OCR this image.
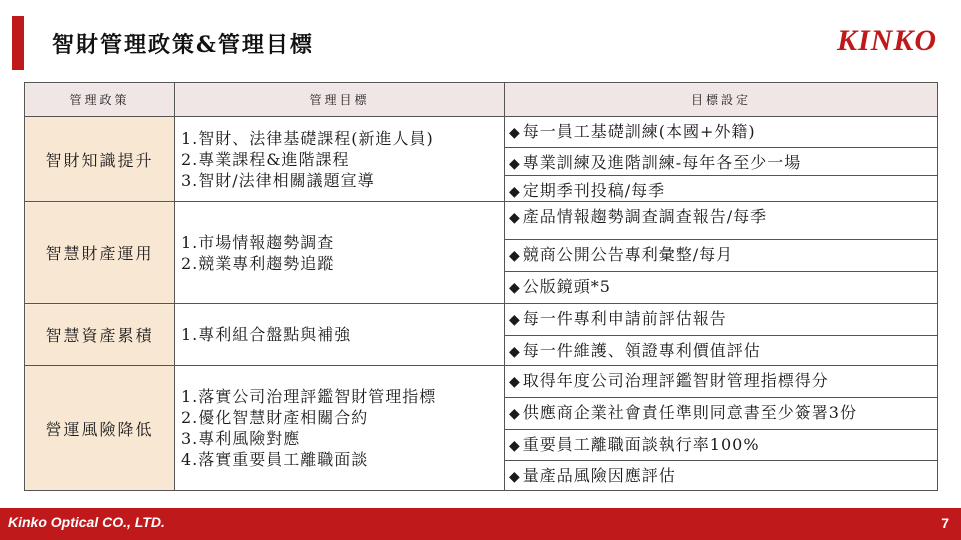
智財管理政策&管理目標	KINKO
管理政策	管理目標	目標設定
智財知識提升	1.智財、法律基礎課程(新進人員)
2.專業課程&進階課程
3.智財/法律相關議題宣導	◆ 每一員工基礎訓練(本國+外籍)
		◆ 專業訓練及進階訓練-每年各至少一場
		◆ 定期季刊投稿/每季
智慧財產運用	1.市場情報趨勢調查
2.競業專利趨勢追蹤	◆ 產品情報趨勢調查調查報告/每季
		◆ 競商公開公告專利彙整/每月
		◆ 公版鏡頭*5
智慧資產累積	1.專利組合盤點與補強	◆ 每一件專利申請前評估報告
		◆ 每一件維護、領證專利價值評估
營運風險降低	1.落實公司治理評鑑智財管理指標
2.優化智慧財產相關合約
3.專利風險對應
4.落實重要員工離職面談	◆ 取得年度公司治理評鑑智財管理指標得分
		◆ 供應商企業社會責任準則同意書至少簽署3份
		◆ 重要員工離職面談執行率100%
		◆ 量產品風險因應評估
Kinko Optical CO., LTD.	7
